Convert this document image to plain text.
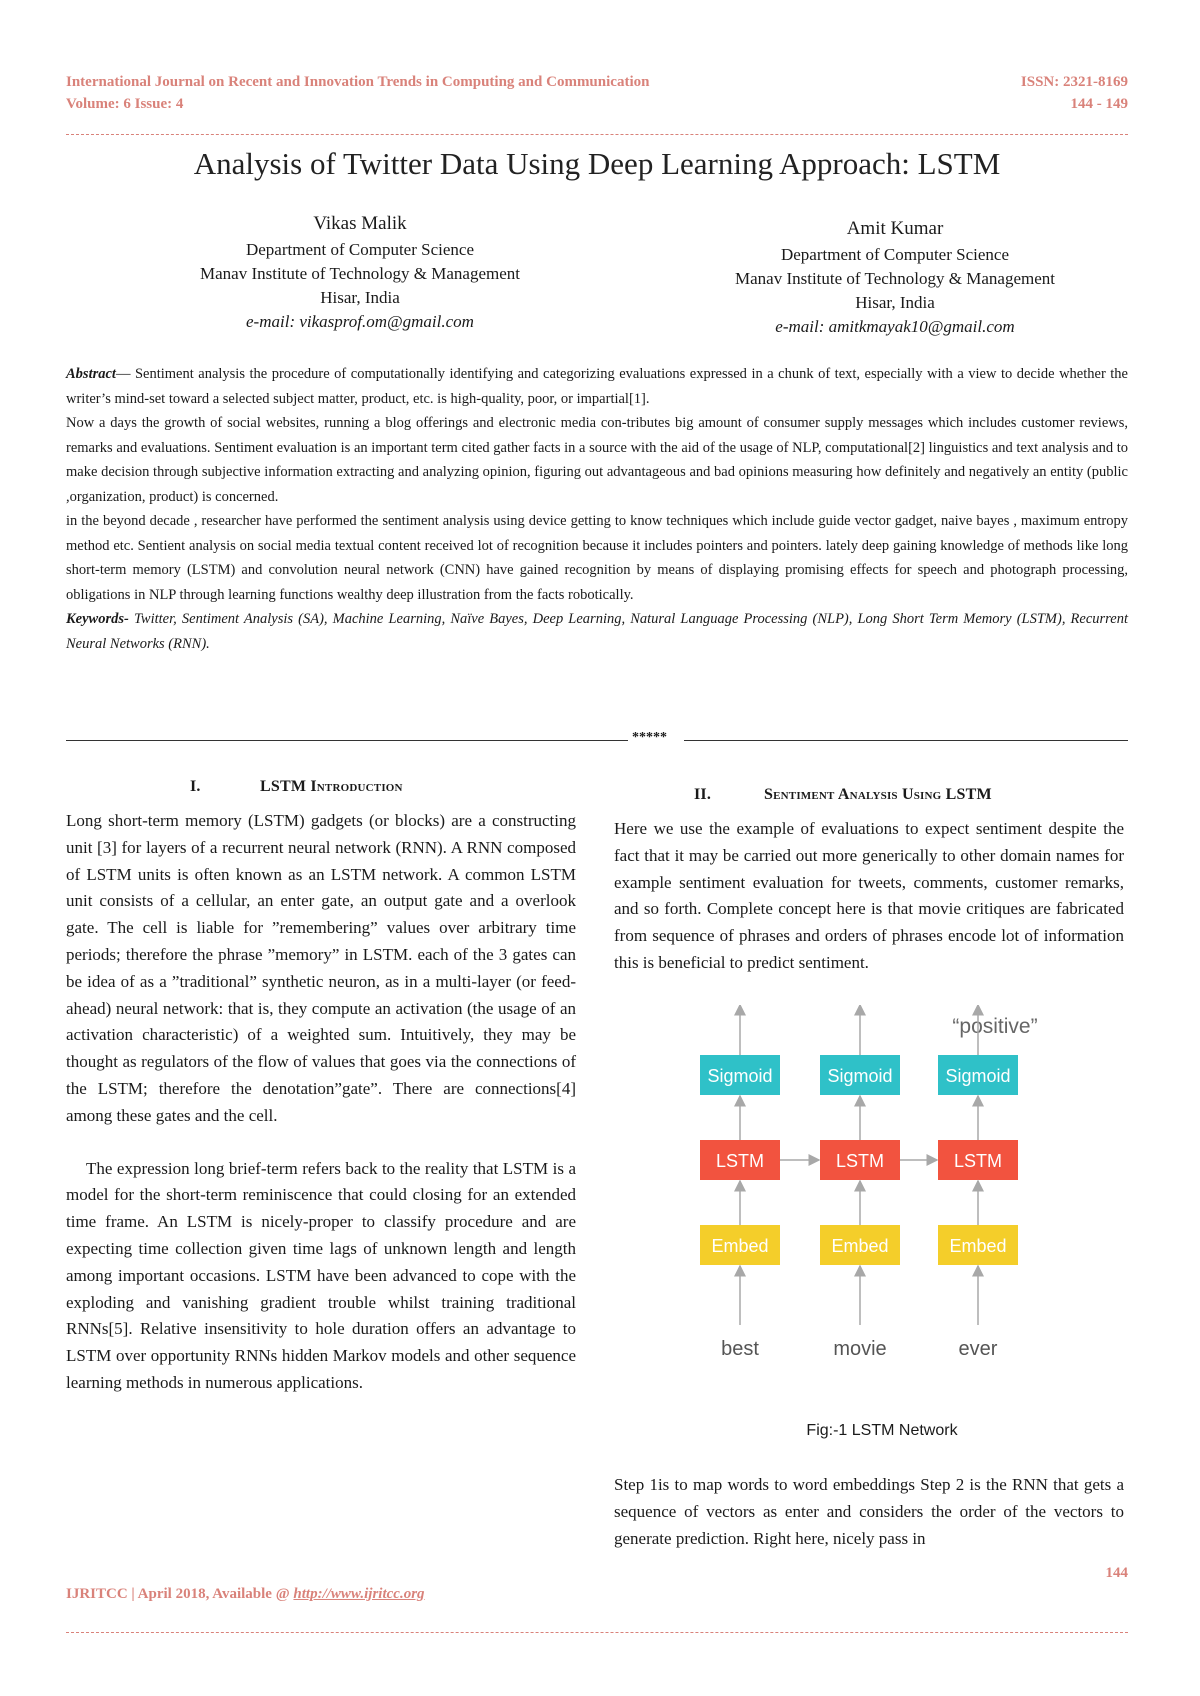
International Journal on Recent and Innovation Trends in Computing and Communication	ISSN: 2321-8169
Volume: 6 Issue: 4	144 - 149
Analysis of Twitter Data Using Deep Learning Approach: LSTM
Vikas Malik
Department of Computer Science
Manav Institute of Technology & Management
Hisar, India
e-mail: vikasprof.om@gmail.com
Amit Kumar
Department of Computer Science
Manav Institute of Technology & Management
Hisar, India
e-mail: amitkmayak10@gmail.com

Abstract— Sentiment analysis the procedure of computationally identifying and categorizing evaluations expressed in a chunk of text, especially with a view to decide whether the writer’s mind-set toward a selected subject matter, product, etc. is high-quality, poor, or impartial[1].

Now a days the growth of social websites, running a blog offerings and electronic media con-tributes big amount of consumer supply messages which includes customer reviews, remarks and evaluations. Sentiment evaluation is an important term cited gather facts in a source with the aid of the usage of NLP, computational[2] linguistics and text analysis and to make decision through subjective information extracting and analyzing opinion, figuring out advantageous and bad opinions measuring how definitely and negatively an entity (public ,organization, product) is concerned.

in the beyond decade , researcher have performed the sentiment analysis using device getting to know techniques which include guide vector gadget, naive bayes , maximum entropy method etc. Sentient analysis on social media textual content received lot of recognition because it includes pointers and pointers. lately deep gaining knowledge of methods like long short-term memory (LSTM) and convolution neural network (CNN) have gained recognition by means of displaying promising effects for speech and photograph processing, obligations in NLP through learning functions wealthy deep illustration from the facts robotically.

Keywords- Twitter, Sentiment Analysis (SA), Machine Learning, Naïve Bayes, Deep Learning, Natural Language Processing (NLP), Long Short Term Memory (LSTM), Recurrent Neural Networks (RNN).

*****
I.	LSTM Introduction

Long short-term memory (LSTM) gadgets (or blocks) are a constructing unit [3] for layers of a recurrent neural network (RNN). A RNN composed of LSTM units is often known as an LSTM network. A common LSTM unit consists of a cellular, an enter gate, an output gate and a overlook gate. The cell is liable for ”remembering” values over arbitrary time periods; therefore the phrase ”memory” in LSTM. each of the 3 gates can be idea of as a ”traditional” synthetic neuron, as in a multi-layer (or feed-ahead) neural network: that is, they compute an activation (the usage of an activation characteristic) of a weighted sum. Intuitively, they may be thought as regulators of the flow of values that goes via the connections of the LSTM; therefore the denotation”gate”. There are connections[4] among these gates and the cell.

The expression long brief-term refers back to the reality that LSTM is a model for the short-term reminiscence that could closing for an extended time frame. An LSTM is nicely-proper to classify procedure and are expecting time collection given time lags of unknown length and length among important occasions. LSTM have been advanced to cope with the exploding and vanishing gradient trouble whilst training traditional RNNs[5]. Relative insensitivity to hole duration offers an advantage to LSTM over opportunity RNNs hidden Markov models and other sequence learning methods in numerous applications.

II.	Sentiment Analysis Using LSTM

Here we use the example of evaluations to expect sentiment despite the fact that it may be carried out more generically to other domain names for example sentiment evaluation for tweets, comments, customer remarks, and so forth. Complete concept here is that movie critiques are fabricated from sequence of phrases and orders of phrases encode lot of information this is beneficial to predict sentiment.

“positive”
Sigmoid
LSTM
Embed
best
Sigmoid
LSTM
Embed
movie
Sigmoid
LSTM
Embed
ever
Fig:-1 LSTM Network

Step 1is to map words to word embeddings Step 2 is the RNN that gets a sequence of vectors as enter and considers the order of the vectors to generate prediction. Right here, nicely pass in

144
IJRITCC | April 2018, Available @ http://www.ijritcc.org
